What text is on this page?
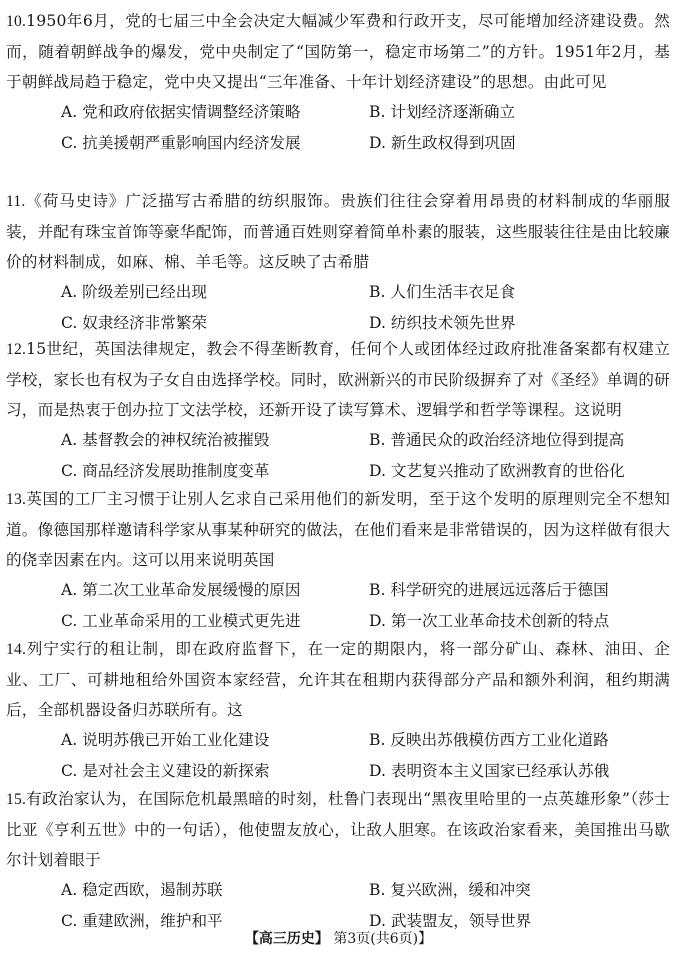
10.1950年6月，党的七届三中全会决定大幅减少军费和行政开支，尽可能增加经济建设费。然而，随着朝鲜战争的爆发，党中央制定了“国防第一，稳定市场第二”的方针。1951年2月，基于朝鲜战局趋于稳定，党中央又提出“三年准备、十年计划经济建设”的思想。由此可见

A. 党和政府依据实情调整经济策略	B. 计划经济逐渐确立
C. 抗美援朝严重影响国内经济发展	D. 新生政权得到巩固

11.《荷马史诗》广泛描写古希腊的纺织服饰。贵族们往往会穿着用昂贵的材料制成的华丽服装，并配有珠宝首饰等豪华配饰，而普通百姓则穿着简单朴素的服装，这些服装往往是由比较廉价的材料制成，如麻、棉、羊毛等。这反映了古希腊

A. 阶级差别已经出现	B. 人们生活丰衣足食
C. 奴隶经济非常繁荣	D. 纺织技术领先世界

12.15世纪，英国法律规定，教会不得垄断教育，任何个人或团体经过政府批准备案都有权建立学校，家长也有权为子女自由选择学校。同时，欧洲新兴的市民阶级摒弃了对《圣经》单调的研习，而是热衷于创办拉丁文法学校，还新开设了读写算术、逻辑学和哲学等课程。这说明

A. 基督教会的神权统治被摧毁	B. 普通民众的政治经济地位得到提高
C. 商品经济发展助推制度变革	D. 文艺复兴推动了欧洲教育的世俗化

13.英国的工厂主习惯于让别人乞求自己采用他们的新发明，至于这个发明的原理则完全不想知道。像德国那样邀请科学家从事某种研究的做法，在他们看来是非常错误的，因为这样做有很大的侥幸因素在内。这可以用来说明英国

A. 第二次工业革命发展缓慢的原因	B. 科学研究的进展远远落后于德国
C. 工业革命采用的工业模式更先进	D. 第一次工业革命技术创新的特点

14.列宁实行的租让制，即在政府监督下，在一定的期限内，将一部分矿山、森林、油田、企业、工厂、可耕地租给外国资本家经营，允许其在租期内获得部分产品和额外利润，租约期满后，全部机器设备归苏联所有。这

A. 说明苏俄已开始工业化建设	B. 反映出苏俄模仿西方工业化道路
C. 是对社会主义建设的新探索	D. 表明资本主义国家已经承认苏俄

15.有政治家认为，在国际危机最黑暗的时刻，杜鲁门表现出“黑夜里哈里的一点英雄形象”（莎士比亚《亨利五世》中的一句话），他使盟友放心，让敌人胆寒。在该政治家看来，美国推出马歇尔计划着眼于

A. 稳定西欧，遏制苏联	B. 复兴欧洲，缓和冲突
C. 重建欧洲，维护和平	D. 武装盟友，领导世界
【高三历史】 第3页(共6页)】
